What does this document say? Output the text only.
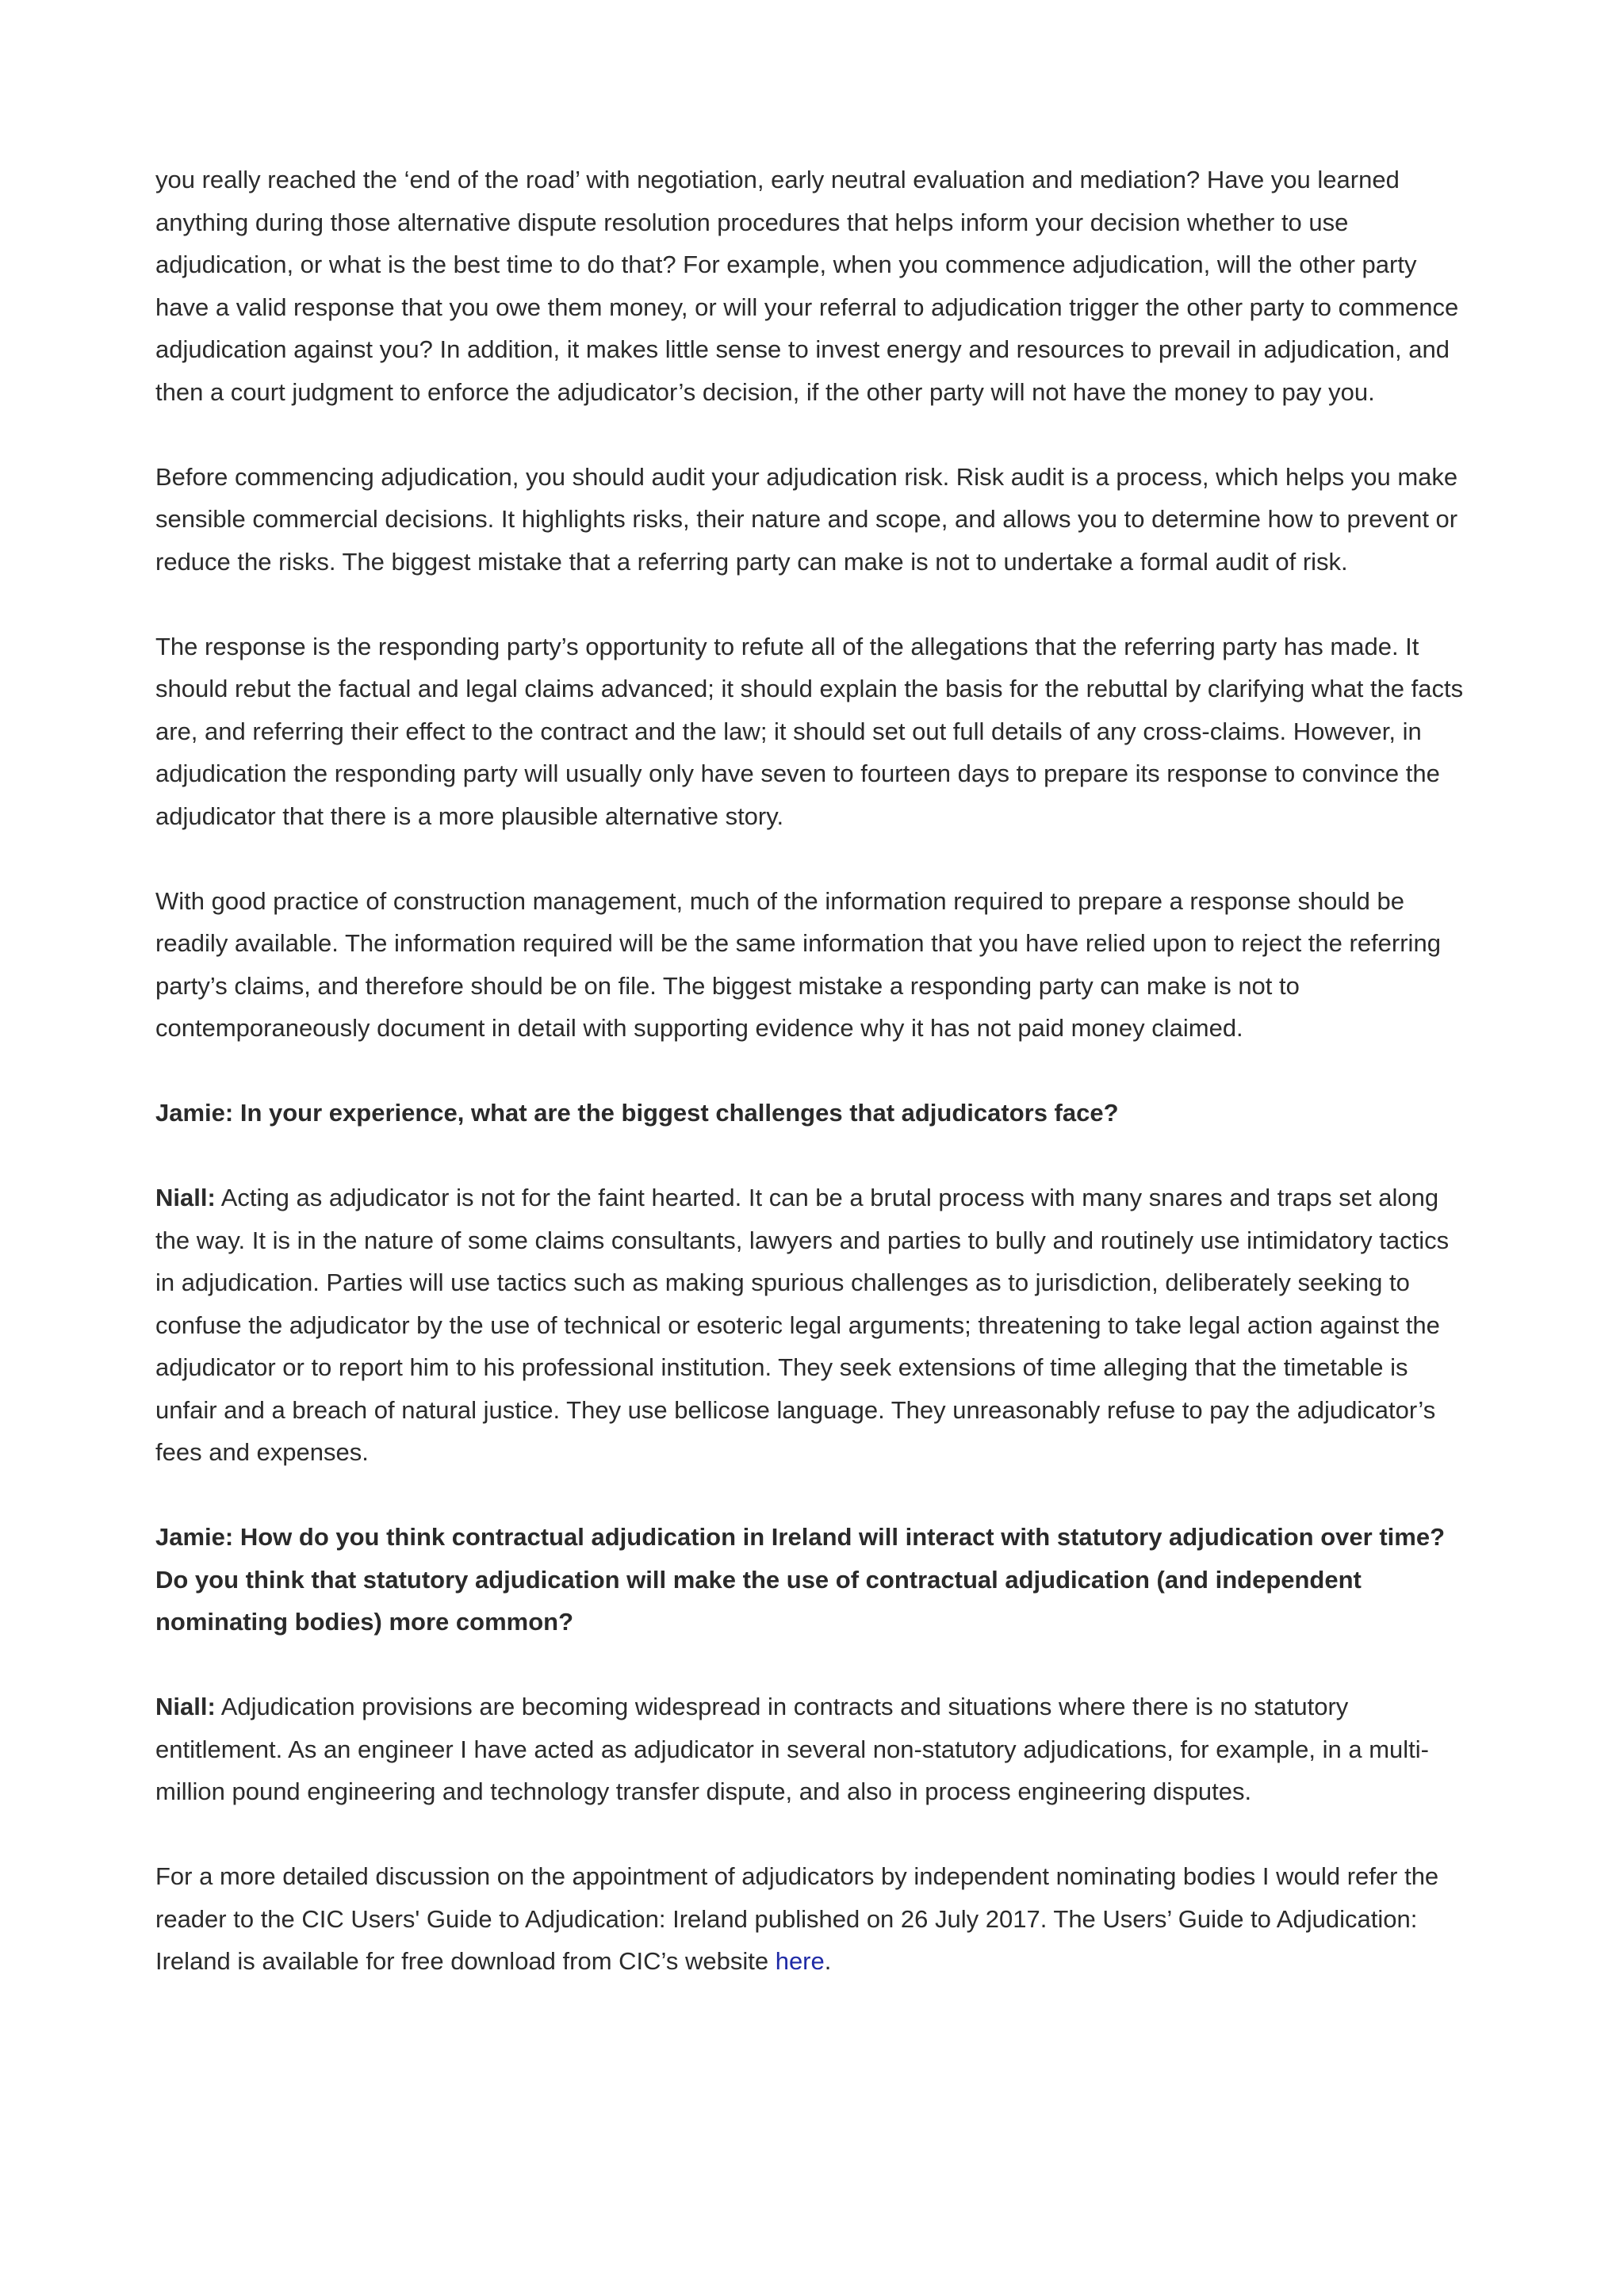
you really reached the ‘end of the road’ with negotiation, early neutral evaluation and mediation? Have you learned anything during those alternative dispute resolution procedures that helps inform your decision whether to use adjudication, or what is the best time to do that? For example, when you commence adjudication, will the other party have a valid response that you owe them money, or will your referral to adjudication trigger the other party to commence adjudication against you? In addition, it makes little sense to invest energy and resources to prevail in adjudication, and then a court judgment to enforce the adjudicator’s decision, if the other party will not have the money to pay you.

Before commencing adjudication, you should audit your adjudication risk. Risk audit is a process, which helps you make sensible commercial decisions. It highlights risks, their nature and scope, and allows you to determine how to prevent or reduce the risks. The biggest mistake that a referring party can make is not to undertake a formal audit of risk.

The response is the responding party’s opportunity to refute all of the allegations that the referring party has made. It should rebut the factual and legal claims advanced; it should explain the basis for the rebuttal by clarifying what the facts are, and referring their effect to the contract and the law; it should set out full details of any cross-claims. However, in adjudication the responding party will usually only have seven to fourteen days to prepare its response to convince the adjudicator that there is a more plausible alternative story.

With good practice of construction management, much of the information required to prepare a response should be readily available. The information required will be the same information that you have relied upon to reject the referring party’s claims, and therefore should be on file. The biggest mistake a responding party can make is not to contemporaneously document in detail with supporting evidence why it has not paid money claimed.

Jamie: In your experience, what are the biggest challenges that adjudicators face?

Niall: Acting as adjudicator is not for the faint hearted. It can be a brutal process with many snares and traps set along the way. It is in the nature of some claims consultants, lawyers and parties to bully and routinely use intimidatory tactics in adjudication. Parties will use tactics such as making spurious challenges as to jurisdiction, deliberately seeking to confuse the adjudicator by the use of technical or esoteric legal arguments; threatening to take legal action against the adjudicator or to report him to his professional institution. They seek extensions of time alleging that the timetable is unfair and a breach of natural justice. They use bellicose language. They unreasonably refuse to pay the adjudicator’s fees and expenses.

Jamie: How do you think contractual adjudication in Ireland will interact with statutory adjudication over time? Do you think that statutory adjudication will make the use of contractual adjudication (and independent nominating bodies) more common?

Niall: Adjudication provisions are becoming widespread in contracts and situations where there is no statutory entitlement. As an engineer I have acted as adjudicator in several non-statutory adjudications, for example, in a multi-million pound engineering and technology transfer dispute, and also in process engineering disputes.

For a more detailed discussion on the appointment of adjudicators by independent nominating bodies I would refer the reader to the CIC Users' Guide to Adjudication: Ireland published on 26 July 2017. The Users’ Guide to Adjudication: Ireland is available for free download from CIC’s website here.
